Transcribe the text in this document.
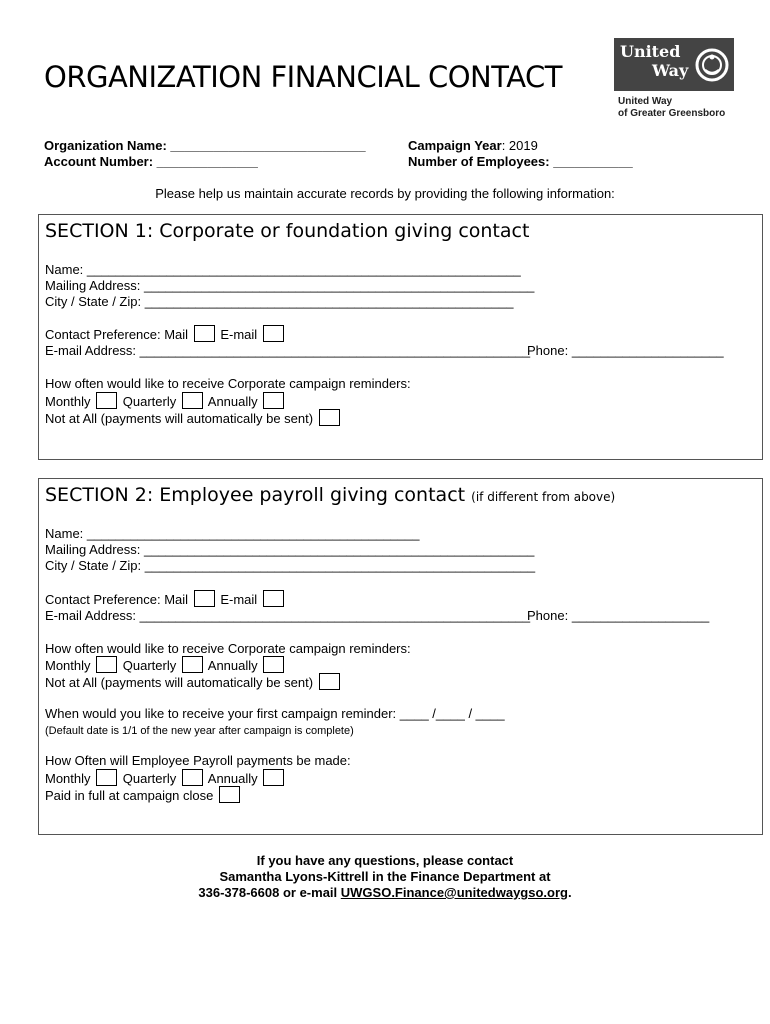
ORGANIZATION FINANCIAL CONTACT
United
Way
United Way
of Greater Greensboro
Organization Name: ___________________________
Account Number: ______________
Campaign Year: 2019
Number of Employees: ___________
Please help us maintain accurate records by providing the following information:
SECTION 1: Corporate or foundation giving contact
Name: ____________________________________________________________
Mailing Address: ______________________________________________________
City / State / Zip: ___________________________________________________
Contact Preference: Mail E-mail
E-mail Address: ______________________________________________________
Phone: _____________________
How often would like to receive Corporate campaign reminders:
Monthly Quarterly Annually
Not at All (payments will automatically be sent)
SECTION 2: Employee payroll giving contact (if different from above)
Name: ______________________________________________
Mailing Address: ______________________________________________________
City / State / Zip: ______________________________________________________
Contact Preference: Mail E-mail
E-mail Address: ______________________________________________________
Phone: ___________________
How often would like to receive Corporate campaign reminders:
Monthly Quarterly Annually
Not at All (payments will automatically be sent)
When would you like to receive your first campaign reminder: ____ /____ / ____
(Default date is 1/1 of the new year after campaign is complete)
How Often will Employee Payroll payments be made:
Monthly Quarterly Annually
Paid in full at campaign close
If you have any questions, please contact
Samantha Lyons-Kittrell in the Finance Department at
336-378-6608 or e-mail UWGSO.Finance@unitedwaygso.org.
